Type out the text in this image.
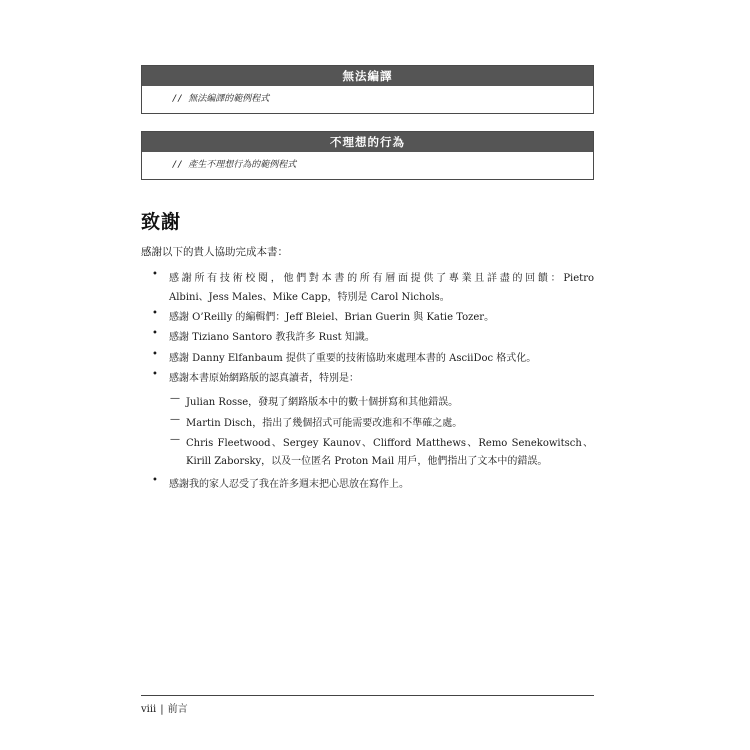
無法編譯
// 無法編譯的範例程式
不理想的行為
// 產生不理想行為的範例程式
致謝

感謝以下的貴人協助完成本書：

• 感謝所有技術校閱，他們對本書的所有層面提供了專業且詳盡的回饋：Pietro

Albini、Jess Males、Mike Capp，特別是 Carol Nichols。

• 感謝 O’Reilly 的編輯們：Jeff Bleiel、Brian Guerin 與 Katie Tozer。

• 感謝 Tiziano Santoro 教我許多 Rust 知識。

• 感謝 Danny Elfanbaum 提供了重要的技術協助來處理本書的 AsciiDoc 格式化。

• 感謝本書原始網路版的認真讀者，特別是：

— Julian Rosse，發現了網路版本中的數十個拼寫和其他錯誤。

— Martin Disch，指出了幾個招式可能需要改進和不準確之處。

— Chris Fleetwood、Sergey Kaunov、Clifford Matthews、Remo Senekowitsch、

Kirill Zaborsky，以及一位匿名 Proton Mail 用戶，他們指出了文本中的錯誤。

• 感謝我的家人忍受了我在許多週末把心思放在寫作上。

viii | 前言
